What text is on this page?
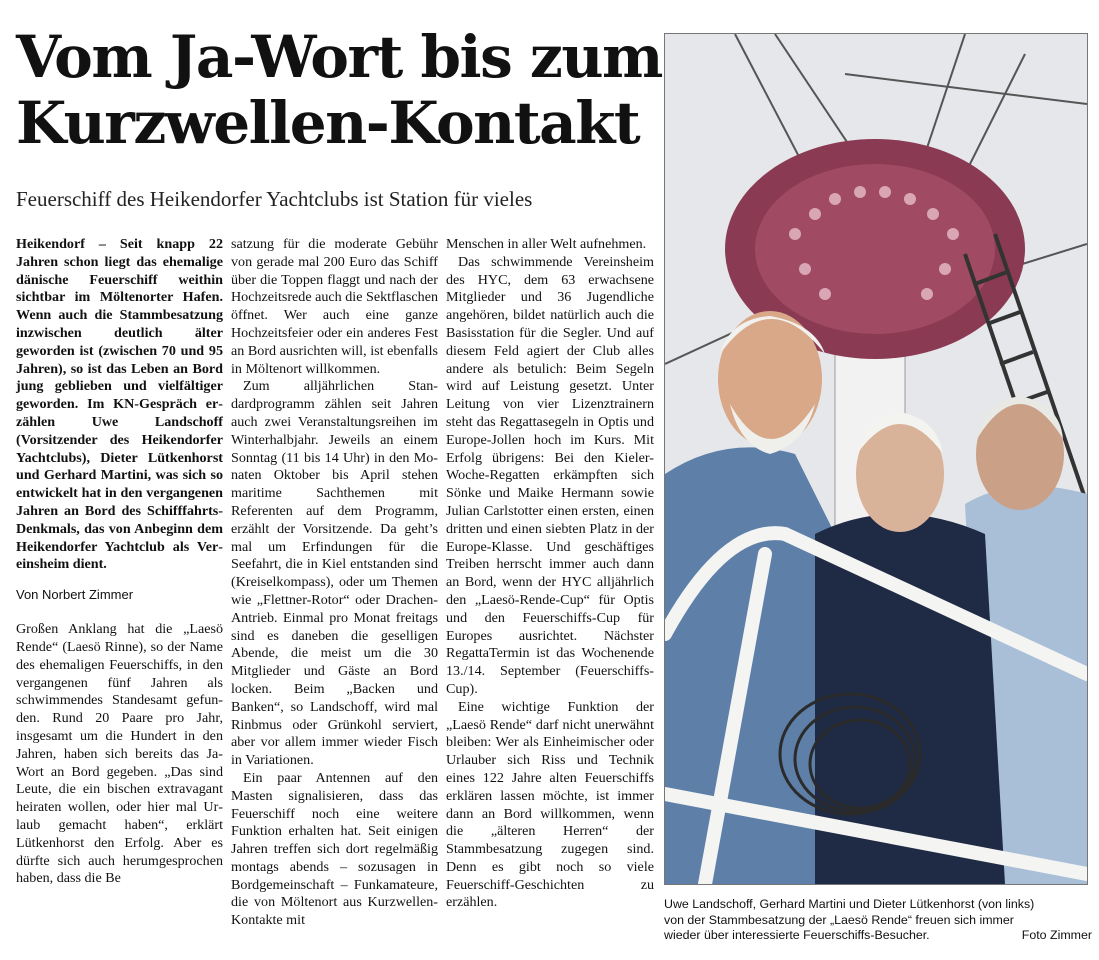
Vom Ja-Wort bis zum
Kurzwellen-Kontakt
Feuerschiff des Heikendorfer Yachtclubs ist Station für vieles

Heikendorf – Seit knapp 22 Jahren schon liegt das ehemalige dänische Feuerschiff weithin sichtbar im Möltenorter Hafen. Wenn auch die Stammbesatzung inzwischen deutlich älter geworden ist (zwischen 70 und 95 Jahren), so ist das Leben an Bord jung geblieben und vielfältiger geworden. Im KN-Gespräch erzählen Uwe Landschoff (Vorsitzender des Heikendorfer Yachtclubs), Dieter Lütkenhorst und Gerhard Martini, was sich so entwickelt hat in den vergangenen Jahren an Bord des Schifffahrts-Denkmals, das von Anbeginn dem Heikendorfer Yachtclub als Vereinsheim dient.

Von Norbert Zimmer

Großen Anklang hat die „Laesö Rende“ (Laesö Rinne), so der Name des ehemaligen Feuerschiffs, in den vergangenen fünf Jahren als schwimmendes Standesamt gefunden. Rund 20 Paare pro Jahr, insgesamt um die Hundert in den Jahren, haben sich bereits das Ja-Wort an Bord gegeben. „Das sind Leute, die ein bischen extravagant heiraten wollen, oder hier mal Urlaub gemacht haben“, erklärt Lütkenhorst den Erfolg. Aber es dürfte sich auch herumgesprochen haben, dass die Be

satzung für die moderate Gebühr von gerade mal 200 Euro das Schiff über die Toppen flaggt und nach der Hochzeitsrede auch die Sektflaschen öffnet. Wer auch eine ganze Hochzeitsfeier oder ein anderes Fest an Bord ausrichten will, ist ebenfalls in Möltenort willkommen.

Zum alljährlichen Standardprogramm zählen seit Jahren auch zwei Veranstaltungsreihen im Winterhalbjahr. Jeweils an einem Sonntag (11 bis 14 Uhr) in den Monaten Oktober bis April stehen maritime Sachthemen mit Referenten auf dem Programm, erzählt der Vorsitzende. Da geht’s mal um Erfindungen für die Seefahrt, die in Kiel entstanden sind (Kreiselkompass), oder um Themen wie „Flettner-Rotor“ oder Drachen-Antrieb. Einmal pro Monat freitags sind es danеben die geselligen Abende, die meist um die 30 Mitglieder und Gäste an Bord locken. Beim „Backen und Banken“, so Landschoff, wird mal Rinbmus oder Grünkohl serviert, aber vor allem immer wieder Fisch in Variationen.

Ein paar Antennen auf den Masten signalisieren, dass das Feuerschiff noch eine weitere Funktion erhalten hat. Seit einigen Jahren treffen sich dort regelmäßig montags abends – sozusagen in Bordgemeinschaft – Funkamateure, die von Möltenort aus Kurzwellen-Kontakte mit

Menschen in aller Welt aufnehmen.

Das schwimmende Vereinsheim des HYC, dem 63 erwachsene Mitglieder und 36 Jugendliche angehören, bildet natürlich auch die Basisstation für die Segler. Und auf diesem Feld agiert der Club alles andere als betulich: Beim Segeln wird auf Leistung gesetzt. Unter Leitung von vier Lizenztrainern steht das Regattasegeln in Optis und Europe-Jollen hoch im Kurs. Mit Erfolg übrigens: Bei den Kieler-Woche-Regatten erkämpften sich Sönke und Maike Hermann sowie Julian Carlstotter einen ersten, einen dritten und einen siebten Platz in der Europe-Klasse. Und geschäftiges Treiben herrscht immer auch dann an Bord, wenn der HYC alljährlich den „Laesö-Rende-Cup“ für Optis und den Feuerschiffs-Cup für Europes ausrichtet. Nächster RegattaTermin ist das Wochenende 13./14. September (Feuerschiffs-Cup).

Eine wichtige Funktion der „Laesö Rende“ darf nicht unerwähnt bleiben: Wer als Einheimischer oder Urlauber sich Riss und Technik eines 122 Jahre alten Feuerschiffs erklären lassen möchte, ist immer dann an Bord willkommen, wenn die „älteren Herren“ der Stammbesatzung zugegen sind. Denn es gibt noch so viele Feuerschiff-Geschichten zu erzählen.	Uwe Landschoff, Gerhard Martini und Dieter Lütkenhorst (von links)
von der Stammbesatzung der „Laesö Rende“ freuen sich immer
wieder über interessierte Feuerschiffs-Besucher.	Foto Zimmer
